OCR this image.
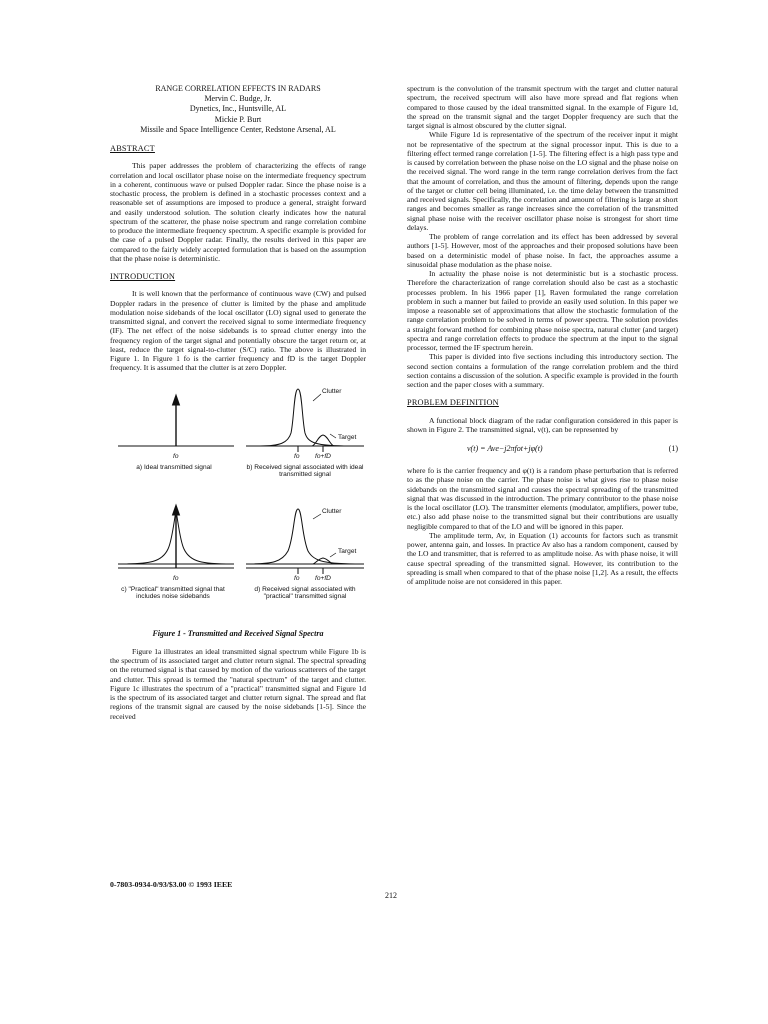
RANGE CORRELATION EFFECTS IN RADARS
Mervin C. Budge, Jr.
Dynetics, Inc., Huntsville, AL
Mickie P. Burt
Missile and Space Intelligence Center, Redstone Arsenal, AL
ABSTRACT

This paper addresses the problem of characterizing the effects of range correlation and local oscillator phase noise on the intermediate frequency spectrum in a coherent, continuous wave or pulsed Doppler radar. Since the phase noise is a stochastic process, the problem is defined in a stochastic processes context and a reasonable set of assumptions are imposed to produce a general, straight forward and easily understood solution. The solution clearly indicates how the natural spectrum of the scatterer, the phase noise spectrum and range correlation combine to produce the intermediate frequency spectrum. A specific example is provided for the case of a pulsed Doppler radar. Finally, the results derived in this paper are compared to the fairly widely accepted formulation that is based on the assumption that the phase noise is deterministic.

INTRODUCTION

It is well known that the performance of continuous wave (CW) and pulsed Doppler radars in the presence of clutter is limited by the phase and amplitude modulation noise sidebands of the local oscillator (LO) signal used to generate the transmitted signal, and convert the received signal to some intermediate frequency (IF). The net effect of the noise sidebands is to spread clutter energy into the frequency region of the target signal and potentially obscure the target return or, at least, reduce the target signal-to-clutter (S/C) ratio. The above is illustrated in Figure 1. In Figure 1 fo is the carrier frequency and fD is the target Doppler frequency. It is assumed that the clutter is at zero Doppler.

Clutter
Target
fo	fo fo+fD
a) Ideal transmitted signal	b) Received signal associated with ideal transmitted signal
Clutter
Target
fo	fo fo+fD
c) "Practical" transmitted signal that includes noise sidebands
d) Received signal associated with "practical" transmitted signal
Figure 1 - Transmitted and Received Signal Spectra

Figure 1a illustrates an ideal transmitted signal spectrum while Figure 1b is the spectrum of its associated target and clutter return signal. The spectral spreading on the returned signal is that caused by motion of the various scatterers of the target and clutter. This spread is termed the "natural spectrum" of the target and clutter. Figure 1c illustrates the spectrum of a "practical" transmitted signal and Figure 1d is the spectrum of its associated target and clutter return signal. The spread and flat regions of the transmit signal are caused by the noise sidebands [1-5]. Since the received

spectrum is the convolution of the transmit spectrum with the target and clutter natural spectrum, the received spectrum will also have more spread and flat regions when compared to those caused by the ideal transmitted signal. In the example of Figure 1d, the spread on the transmit signal and the target Doppler frequency are such that the target signal is almost obscured by the clutter signal.

While Figure 1d is representative of the spectrum of the receiver input it might not be representative of the spectrum at the signal processor input. This is due to a filtering effect termed range correlation [1-5]. The filtering effect is a high pass type and is caused by correlation between the phase noise on the LO signal and the phase noise on the received signal. The word range in the term range correlation derives from the fact that the amount of correlation, and thus the amount of filtering, depends upon the range of the target or clutter cell being illuminated, i.e. the time delay between the transmitted and received signals. Specifically, the correlation and amount of filtering is large at short ranges and becomes smaller as range increases since the correlation of the transmitted signal phase noise with the receiver oscillator phase noise is strongest for short time delays.

The problem of range correlation and its effect has been addressed by several authors [1-5]. However, most of the approaches and their proposed solutions have been based on a deterministic model of phase noise. In fact, the approaches assume a sinusoidal phase modulation as the phase noise.

In actuality the phase noise is not deterministic but is a stochastic process. Therefore the characterization of range correlation should also be cast as a stochastic processes problem. In his 1966 paper [1], Raven formulated the range correlation problem in such a manner but failed to provide an easily used solution. In this paper we impose a reasonable set of approximations that allow the stochastic formulation of the range correlation problem to be solved in terms of power spectra. The solution provides a straight forward method for combining phase noise spectra, natural clutter (and target) spectra and range correlation effects to produce the spectrum at the input to the signal processor, termed the IF spectrum herein.

This paper is divided into five sections including this introductory section. The second section contains a formulation of the range correlation problem and the third section contains a discussion of the solution. A specific example is provided in the fourth section and the paper closes with a summary.

PROBLEM DEFINITION

A functional block diagram of the radar configuration considered in this paper is shown in Figure 2. The transmitted signal, v(t), can be represented by

v(t) = Ave−j2πfot+jφ(t)	(1)

where fo is the carrier frequency and φ(t) is a random phase perturbation that is referred to as the phase noise on the carrier. The phase noise is what gives rise to phase noise sidebands on the transmitted signal and causes the spectral spreading of the transmitted signal that was discussed in the introduction. The primary contributor to the phase noise is the local oscillator (LO). The transmitter elements (modulator, amplifiers, power tube, etc.) also add phase noise to the transmitted signal but their contributions are usually negligible compared to that of the LO and will be ignored in this paper.

The amplitude term, Av, in Equation (1) accounts for factors such as transmit power, antenna gain, and losses. In practice Av also has a random component, caused by the LO and transmitter, that is referred to as amplitude noise. As with phase noise, it will cause spectral spreading of the transmitted signal. However, its contribution to the spreading is small when compared to that of the phase noise [1,2]. As a result, the effects of amplitude noise are not considered in this paper.

0-7803-0934-0/93/$3.00 © 1993 IEEE
212
